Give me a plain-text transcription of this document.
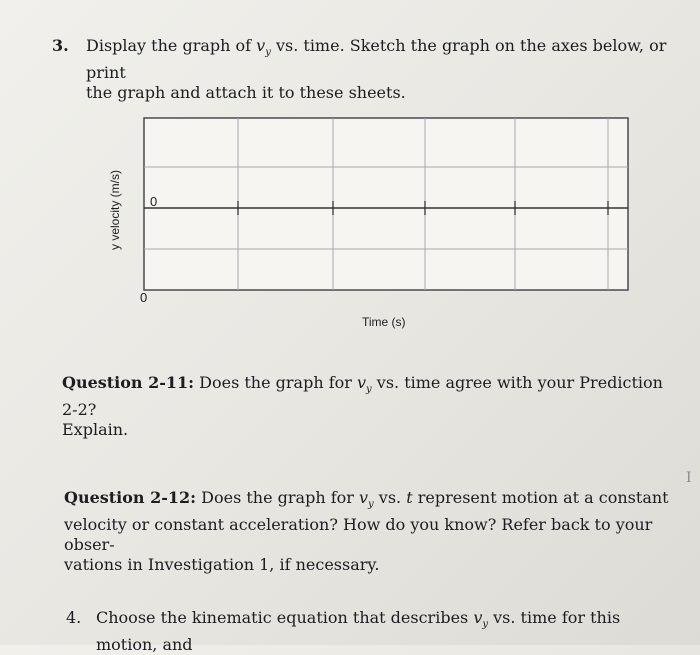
3. Display the graph of $v_y$ vs. time. Sketch the graph on the axes below, or print
the graph and attach it to these sheets.
y velocity (m/s) 0
0
Time (s)
Question 2-11: Does the graph for $v_y$ vs. time agree with your Prediction 2-2?
Explain.
Question 2-12: Does the graph for $v_y$ vs. t represent motion at a constant
velocity or constant acceleration? How do you know? Refer back to your obser-
vations in Investigation 1, if necessary.
4. Choose the kinematic equation that describes $v_y$ vs. time for this motion, and
I
